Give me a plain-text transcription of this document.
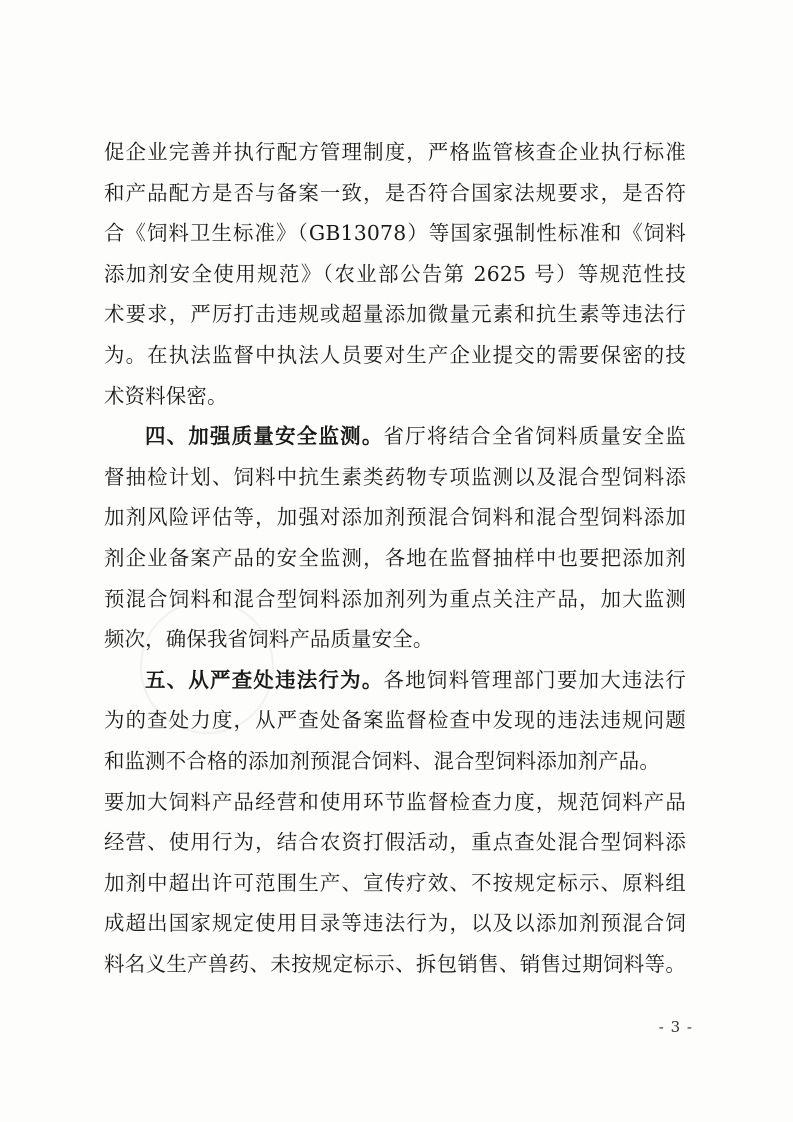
促企业完善并执行配方管理制度，严格监管核查企业执行标准
和产品配方是否与备案一致，是否符合国家法规要求，是否符
合《饲料卫生标准》（GB13078）等国家强制性标准和《饲料
添加剂安全使用规范》（农业部公告第 2625 号）等规范性技
术要求，严厉打击违规或超量添加微量元素和抗生素等违法行
为。在执法监督中执法人员要对生产企业提交的需要保密的技
术资料保密。
四、加强质量安全监测。省厅将结合全省饲料质量安全监
督抽检计划、饲料中抗生素类药物专项监测以及混合型饲料添
加剂风险评估等，加强对添加剂预混合饲料和混合型饲料添加
剂企业备案产品的安全监测，各地在监督抽样中也要把添加剂
预混合饲料和混合型饲料添加剂列为重点关注产品，加大监测
频次，确保我省饲料产品质量安全。
五、从严查处违法行为。各地饲料管理部门要加大违法行
为的查处力度，从严查处备案监督检查中发现的违法违规问题
和监测不合格的添加剂预混合饲料、混合型饲料添加剂产品。
要加大饲料产品经营和使用环节监督检查力度，规范饲料产品
经营、使用行为，结合农资打假活动，重点查处混合型饲料添
加剂中超出许可范围生产、宣传疗效、不按规定标示、原料组
成超出国家规定使用目录等违法行为，以及以添加剂预混合饲
料名义生产兽药、未按规定标示、拆包销售、销售过期饲料等。
- 3 -
